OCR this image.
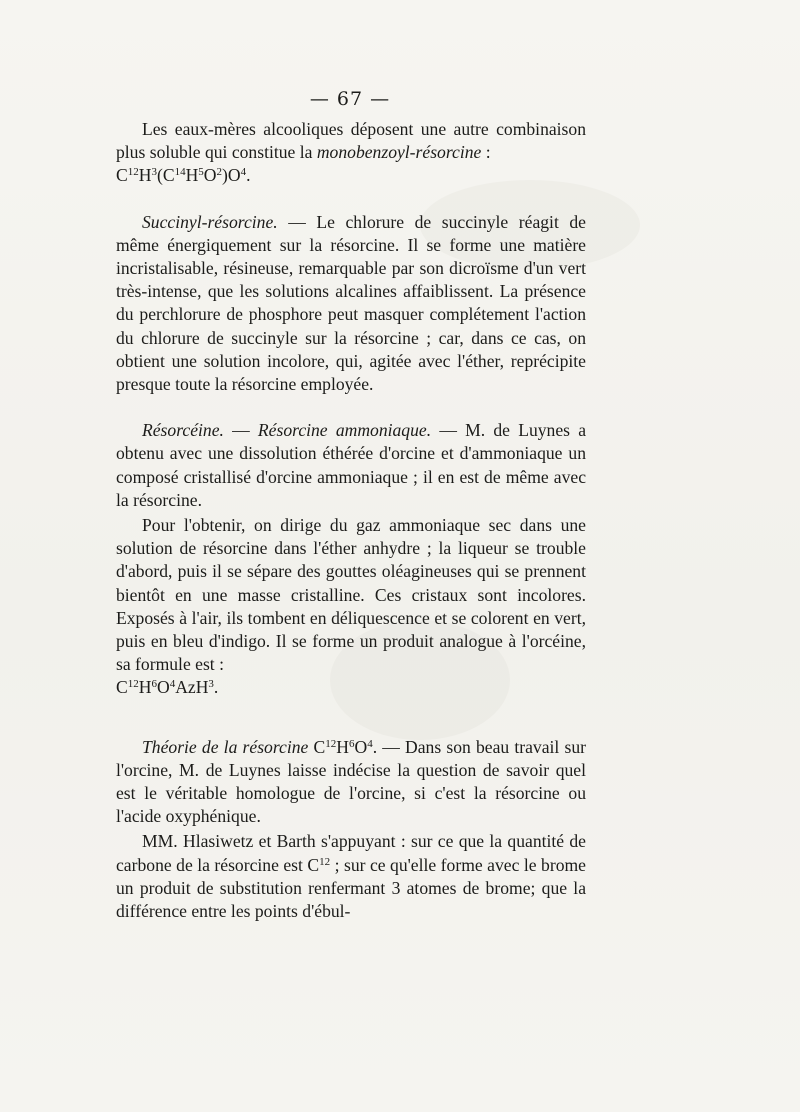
— 67 —

Les eaux-mères alcooliques déposent une autre combinaison plus soluble qui constitue la monobenzoyl-résorcine :

$C^{12}H^3(C^{14}H^5O^2)O^4$.

Succinyl-résorcine. — Le chlorure de succinyle réagit de même énergiquement sur la résorcine. Il se forme une matière incristalisable, résineuse, remarquable par son dicroïsme d'un vert très-intense, que les solutions alcalines affaiblissent. La présence du perchlorure de phosphore peut masquer complétement l'action du chlorure de succinyle sur la résorcine ; car, dans ce cas, on obtient une solution incolore, qui, agitée avec l'éther, reprécipite presque toute la résorcine employée.

Résorcéine. — Résorcine ammoniaque. — M. de Luynes a obtenu avec une dissolution éthérée d'orcine et d'ammoniaque un composé cristallisé d'orcine ammoniaque ; il en est de même avec la résorcine.

Pour l'obtenir, on dirige du gaz ammoniaque sec dans une solution de résorcine dans l'éther anhydre ; la liqueur se trouble d'abord, puis il se sépare des gouttes oléagineuses qui se prennent bientôt en une masse cristalline. Ces cristaux sont incolores. Exposés à l'air, ils tombent en déliquescence et se colorent en vert, puis en bleu d'indigo. Il se forme un produit analogue à l'orcéine, sa formule est :

$C^{12}H^6O^4AzH^3$.

Théorie de la résorcine $C^{12}H^6O^4$. — Dans son beau travail sur l'orcine, M. de Luynes laisse indécise la question de savoir quel est le véritable homologue de l'orcine, si c'est la résorcine ou l'acide oxyphénique.

MM. Hlasiwetz et Barth s'appuyant : sur ce que la quantité de carbone de la résorcine est $C^{12}$ ; sur ce qu'elle forme avec le brome un produit de substitution renfermant 3 atomes de brome; que la différence entre les points d'ébul-
